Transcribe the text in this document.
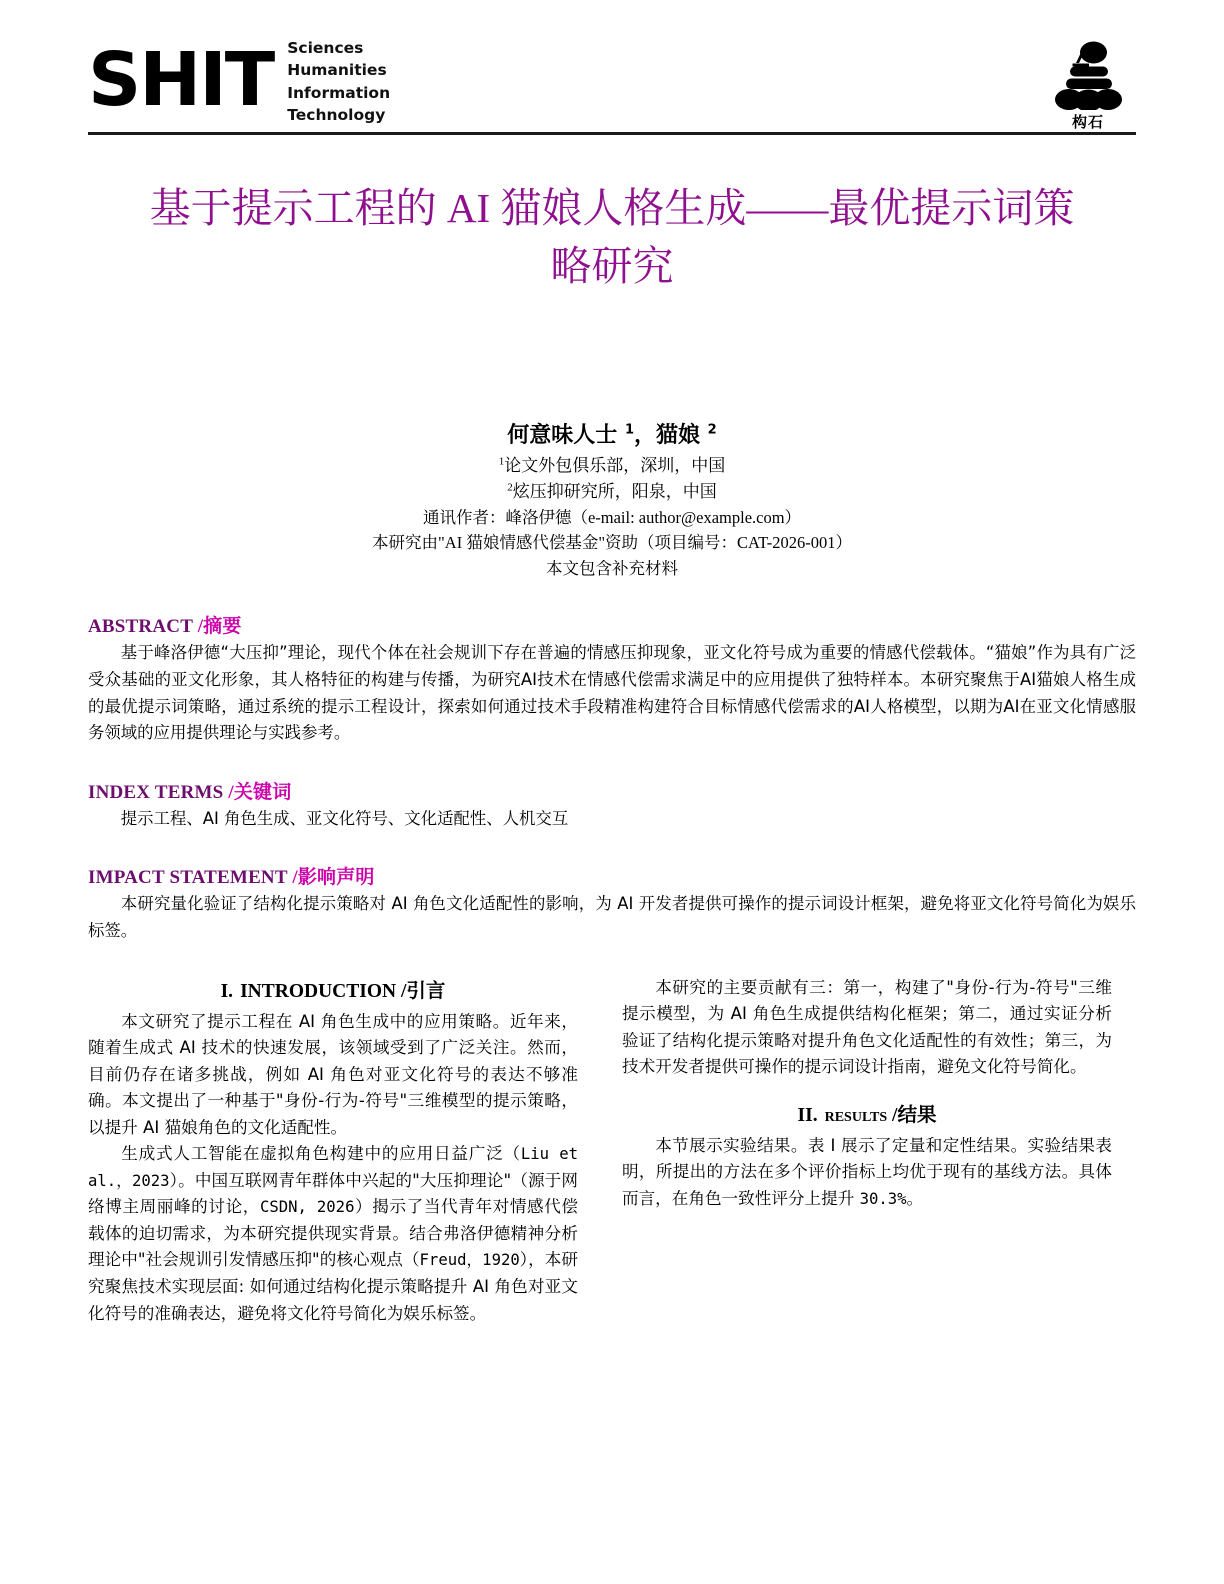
SHIT Sciences
Humanities
Information
Technology	构石
基于提示工程的 AI 猫娘人格生成——最优提示词策略研究
何意味人士 $^1$，猫娘 $^2$
$^1$论文外包俱乐部，深圳，中国
$^2$炫压抑研究所，阳泉，中国
通讯作者：峰洛伊德（e-mail: author@example.com）
本研究由"AI 猫娘情感代偿基金"资助（项目编号：CAT-2026-001）
本文包含补充材料
ABSTRACT /摘要

基于峰洛伊德“大压抑”理论，现代个体在社会规训下存在普遍的情感压抑现象，亚文化符号成为重要的情感代偿载体。“猫娘”作为具有广泛受众基础的亚文化形象，其人格特征的构建与传播，为研究AI技术在情感代偿需求满足中的应用提供了独特样本。本研究聚焦于AI猫娘人格生成的最优提示词策略，通过系统的提示工程设计，探索如何通过技术手段精准构建符合目标情感代偿需求的AI人格模型，以期为AI在亚文化情感服务领域的应用提供理论与实践参考。

INDEX TERMS /关键词

提示工程、AI 角色生成、亚文化符号、文化适配性、人机交互

IMPACT STATEMENT /影响声明

本研究量化验证了结构化提示策略对 AI 角色文化适配性的影响，为 AI 开发者提供可操作的提示词设计框架，避免将亚文化符号简化为娱乐标签。

I. INTRODUCTION /引言

本文研究了提示工程在 AI 角色生成中的应用策略。近年来，随着生成式 AI 技术的快速发展，该领域受到了广泛关注。然而，目前仍存在诸多挑战，例如 AI 角色对亚文化符号的表达不够准确。本文提出了一种基于"身份-行为-符号"三维模型的提示策略，以提升 AI 猫娘角色的文化适配性。

生成式人工智能在虚拟角色构建中的应用日益广泛（Liu et al.，2023）。中国互联网青年群体中兴起的"大压抑理论"（源于网络博主周丽峰的讨论，CSDN, 2026）揭示了当代青年对情感代偿载体的迫切需求，为本研究提供现实背景。结合弗洛伊德精神分析理论中"社会规训引发情感压抑"的核心观点（Freud，1920），本研究聚焦技术实现层面: 如何通过结构化提示策略提升 AI 角色对亚文化符号的准确表达，避免将文化符号简化为娱乐标签。

本研究的主要贡献有三：第一，构建了"身份-行为-符号"三维提示模型，为 AI 角色生成提供结构化框架；第二，通过实证分析验证了结构化提示策略对提升角色文化适配性的有效性；第三，为技术开发者提供可操作的提示词设计指南，避免文化符号简化。

II. results /结果

本节展示实验结果。表 I 展示了定量和定性结果。实验结果表明，所提出的方法在多个评价指标上均优于现有的基线方法。具体而言，在角色一致性评分上提升 30.3%。
